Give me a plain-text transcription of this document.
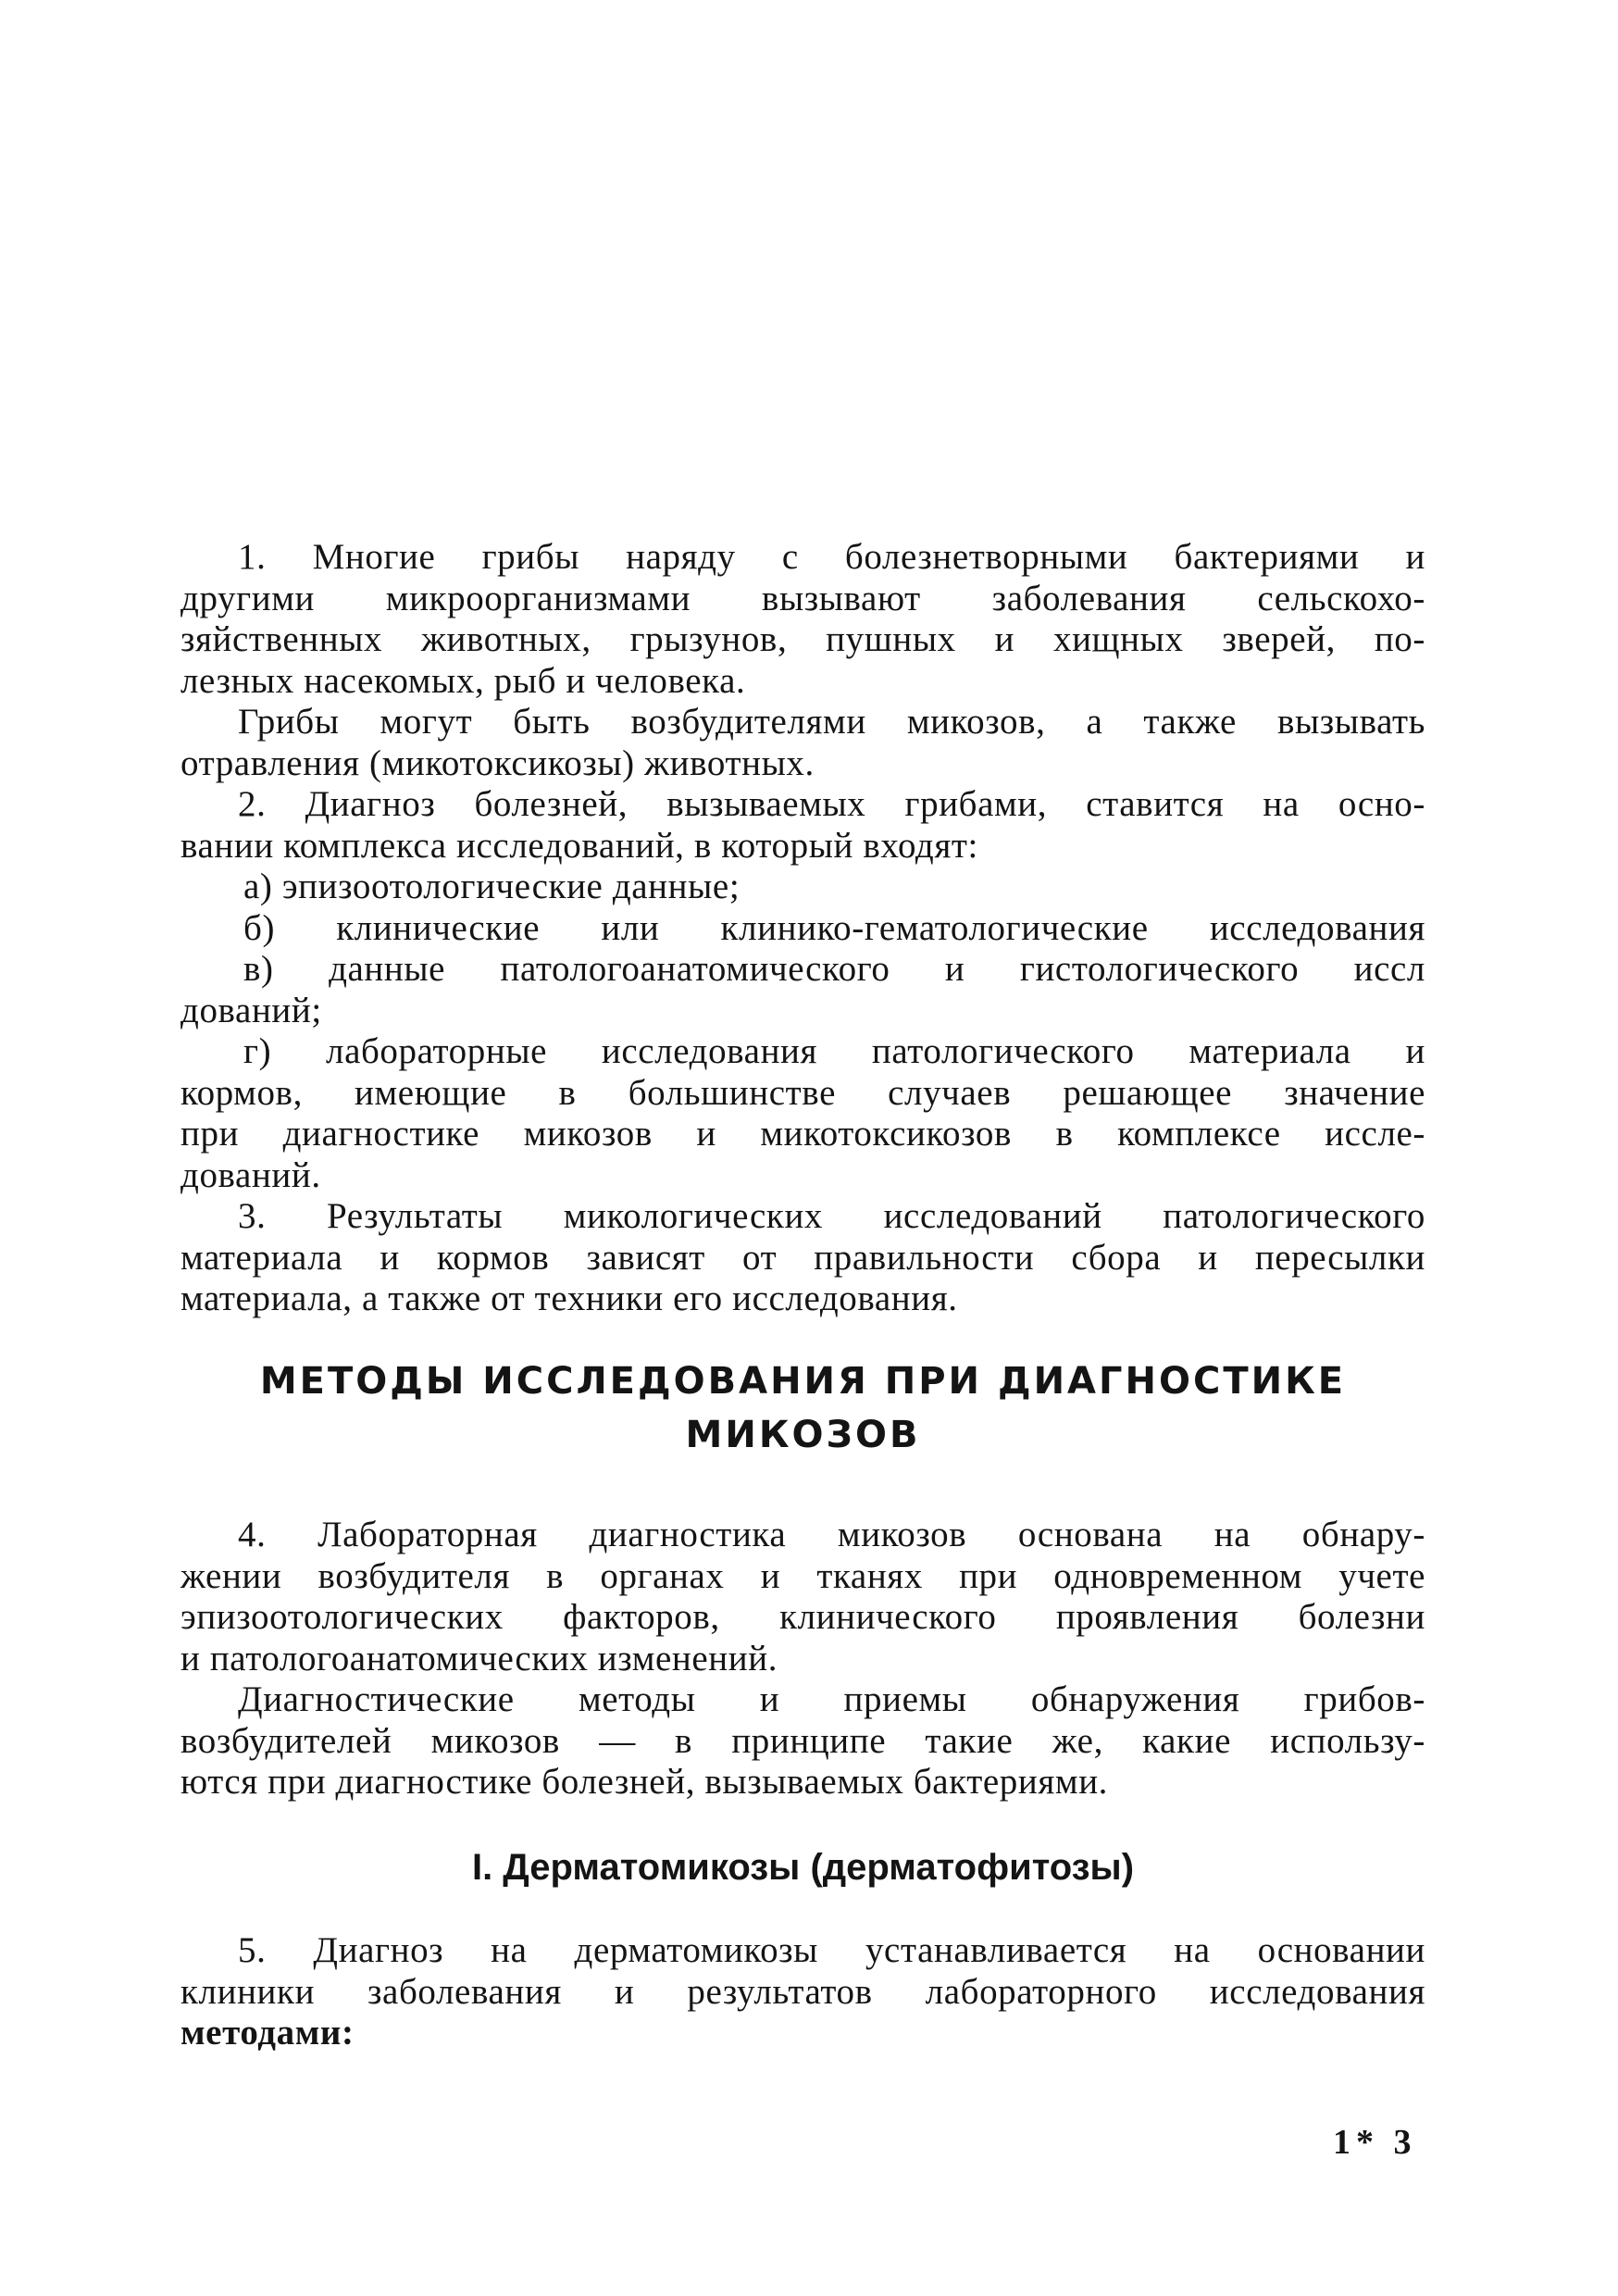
1. Многие грибы наряду с болезнетворными бактериями и
другими микроорганизмами вызывают заболевания сельскохо-
зяйственных животных, грызунов, пушных и хищных зверей, по-
лезных насекомых, рыб и человека.
Грибы могут быть возбудителями микозов, а также вызывать
отравления (микотоксикозы) животных.
2. Диагноз болезней, вызываемых грибами, ставится на осно-
вании комплекса исследований, в который входят:
а) эпизоотологические данные;
б) клинические или клинико-гематологические исследования
в) данные патологоанатомического и гистологического иссл
дований;
г) лабораторные исследования патологического материала и
кормов, имеющие в большинстве случаев решающее значение
при диагностике микозов и микотоксикозов в комплексе иссле-
дований.
3. Результаты микологических исследований патологического
материала и кормов зависят от правильности сбора и пересылки
материала, а также от техники его исследования.
МЕТОДЫ ИССЛЕДОВАНИЯ ПРИ ДИАГНОСТИКЕ
МИКОЗОВ
4. Лабораторная диагностика микозов основана на обнару-
жении возбудителя в органах и тканях при одновременном учете
эпизоотологических факторов, клинического проявления болезни
и патологоанатомических изменений.
Диагностические методы и приемы обнаружения грибов-
возбудителей микозов — в принципе такие же, какие использу-
ются при диагностике болезней, вызываемых бактериями.
I. Дерматомикозы (дерматофитозы)
5. Диагноз на дерматомикозы устанавливается на основании
клиники заболевания и результатов лабораторного исследования
методами:
1* 3
